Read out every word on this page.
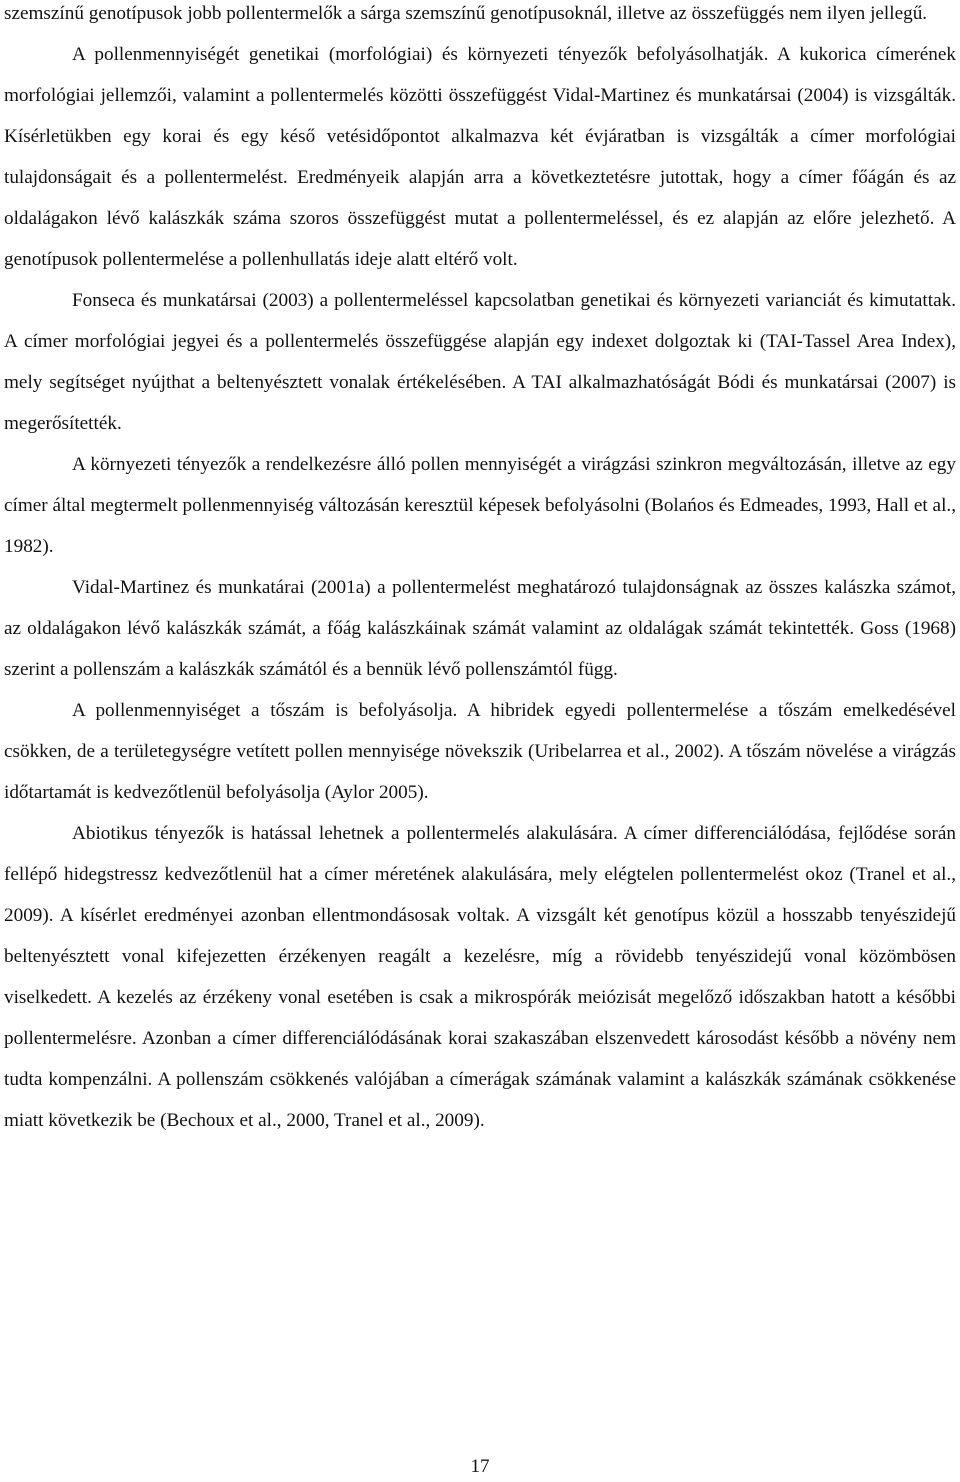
szemszínű genotípusok jobb pollentermelők a sárga szemszínű genotípusoknál, illetve az összefüggés nem ilyen jellegű.

A pollenmennyiségét genetikai (morfológiai) és környezeti tényezők befolyásolhatják. A kukorica címerének morfológiai jellemzői, valamint a pollentermelés közötti összefüggést Vidal-Martinez és munkatársai (2004) is vizsgálták. Kísérletükben egy korai és egy késő vetésidőpontot alkalmazva két évjáratban is vizsgálták a címer morfológiai tulajdonságait és a pollentermelést. Eredményeik alapján arra a következtetésre jutottak, hogy a címer főágán és az oldalágakon lévő kalászkák száma szoros összefüggést mutat a pollentermeléssel, és ez alapján az előre jelezhető. A genotípusok pollentermelése a pollenhullatás ideje alatt eltérő volt.

Fonseca és munkatársai (2003) a pollentermeléssel kapcsolatban genetikai és környezeti varianciát és kimutattak. A címer morfológiai jegyei és a pollentermelés összefüggése alapján egy indexet dolgoztak ki (TAI-Tassel Area Index), mely segítséget nyújthat a beltenyésztett vonalak értékelésében. A TAI alkalmazhatóságát Bódi és munkatársai (2007) is megerősítették.

A környezeti tényezők a rendelkezésre álló pollen mennyiségét a virágzási szinkron megváltozásán, illetve az egy címer által megtermelt pollenmennyiség változásán keresztül képesek befolyásolni (Bolańos és Edmeades, 1993, Hall et al., 1982).

Vidal-Martinez és munkatárai (2001a) a pollentermelést meghatározó tulajdonságnak az összes kalászka számot, az oldalágakon lévő kalászkák számát, a főág kalászkáinak számát valamint az oldalágak számát tekintették. Goss (1968) szerint a pollenszám a kalászkák számától és a bennük lévő pollenszámtól függ.

A pollenmennyiséget a tőszám is befolyásolja. A hibridek egyedi pollentermelése a tőszám emelkedésével csökken, de a területegységre vetített pollen mennyisége növekszik (Uribelarrea et al., 2002). A tőszám növelése a virágzás időtartamát is kedvezőtlenül befolyásolja (Aylor 2005).

Abiotikus tényezők is hatással lehetnek a pollentermelés alakulására. A címer differenciálódása, fejlődése során fellépő hidegstressz kedvezőtlenül hat a címer méretének alakulására, mely elégtelen pollentermelést okoz (Tranel et al., 2009). A kísérlet eredményei azonban ellentmondásosak voltak. A vizsgált két genotípus közül a hosszabb tenyészidejű beltenyésztett vonal kifejezetten érzékenyen reagált a kezelésre, míg a rövidebb tenyészidejű vonal közömbösen viselkedett. A kezelés az érzékeny vonal esetében is csak a mikrospórák meiózisát megelőző időszakban hatott a későbbi pollentermelésre. Azonban a címer differenciálódásának korai szakaszában elszenvedett károsodást később a növény nem tudta kompenzálni. A pollenszám csökkenés valójában a címerágak számának valamint a kalászkák számának csökkenése miatt következik be (Bechoux et al., 2000, Tranel et al., 2009).

17
